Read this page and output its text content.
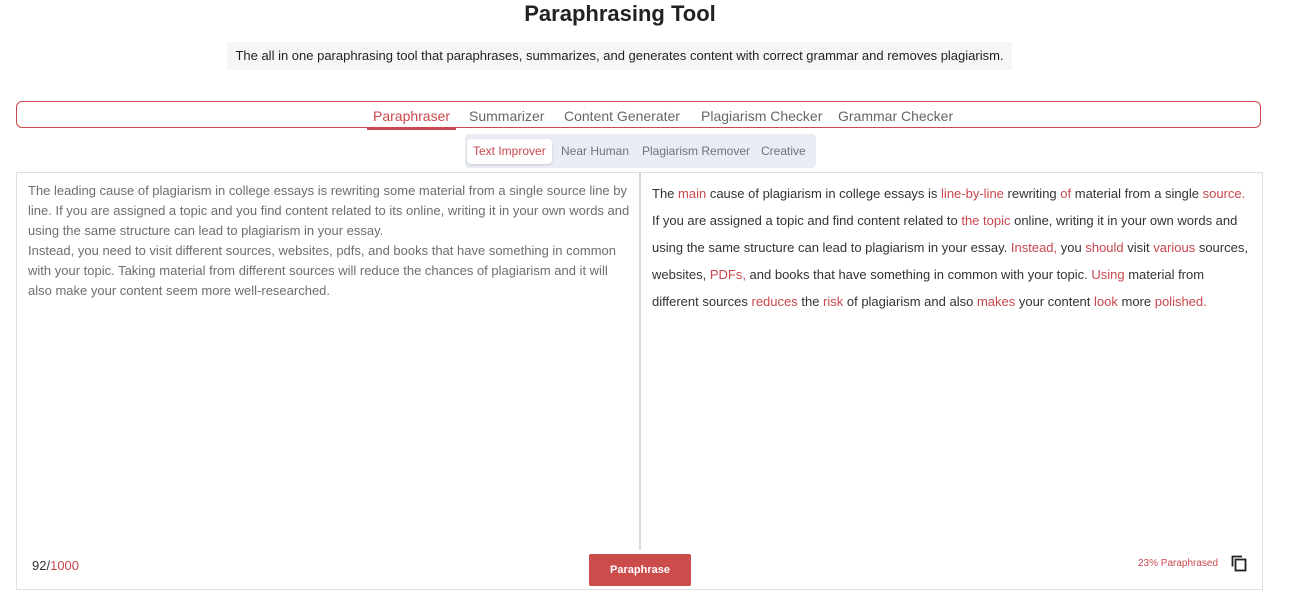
Paraphrasing Tool
The all in one paraphrasing tool that paraphrases, summarizes, and generates content with correct grammar and removes plagiarism.
Paraphraser	Summarizer Content Generater Plagiarism Checker Grammar Checker
Text Improver	Near Human Plagiarism Remover Creative

The leading cause of plagiarism in college essays is rewriting some material from a single source line by line. If you are assigned a topic and you find content related to its online, writing it in your own words and using the same structure can lead to plagiarism in your essay.

Instead, you need to visit different sources, websites, pdfs, and books that have something in common with your topic. Taking material from different sources will reduce the chances of plagiarism and it will also make your content seem more well-researched.

The main cause of plagiarism in college essays is line-by-line rewriting of material from a single source. If you are assigned a topic and find content related to the topic online, writing it in your own words and using the same structure can lead to plagiarism in your essay. Instead, you should visit various sources, websites, PDFs, and books that have something in common with your topic. Using material from different sources reduces the risk of plagiarism and also makes your content look more polished.
92/1000	Paraphrase
23% Paraphrased
